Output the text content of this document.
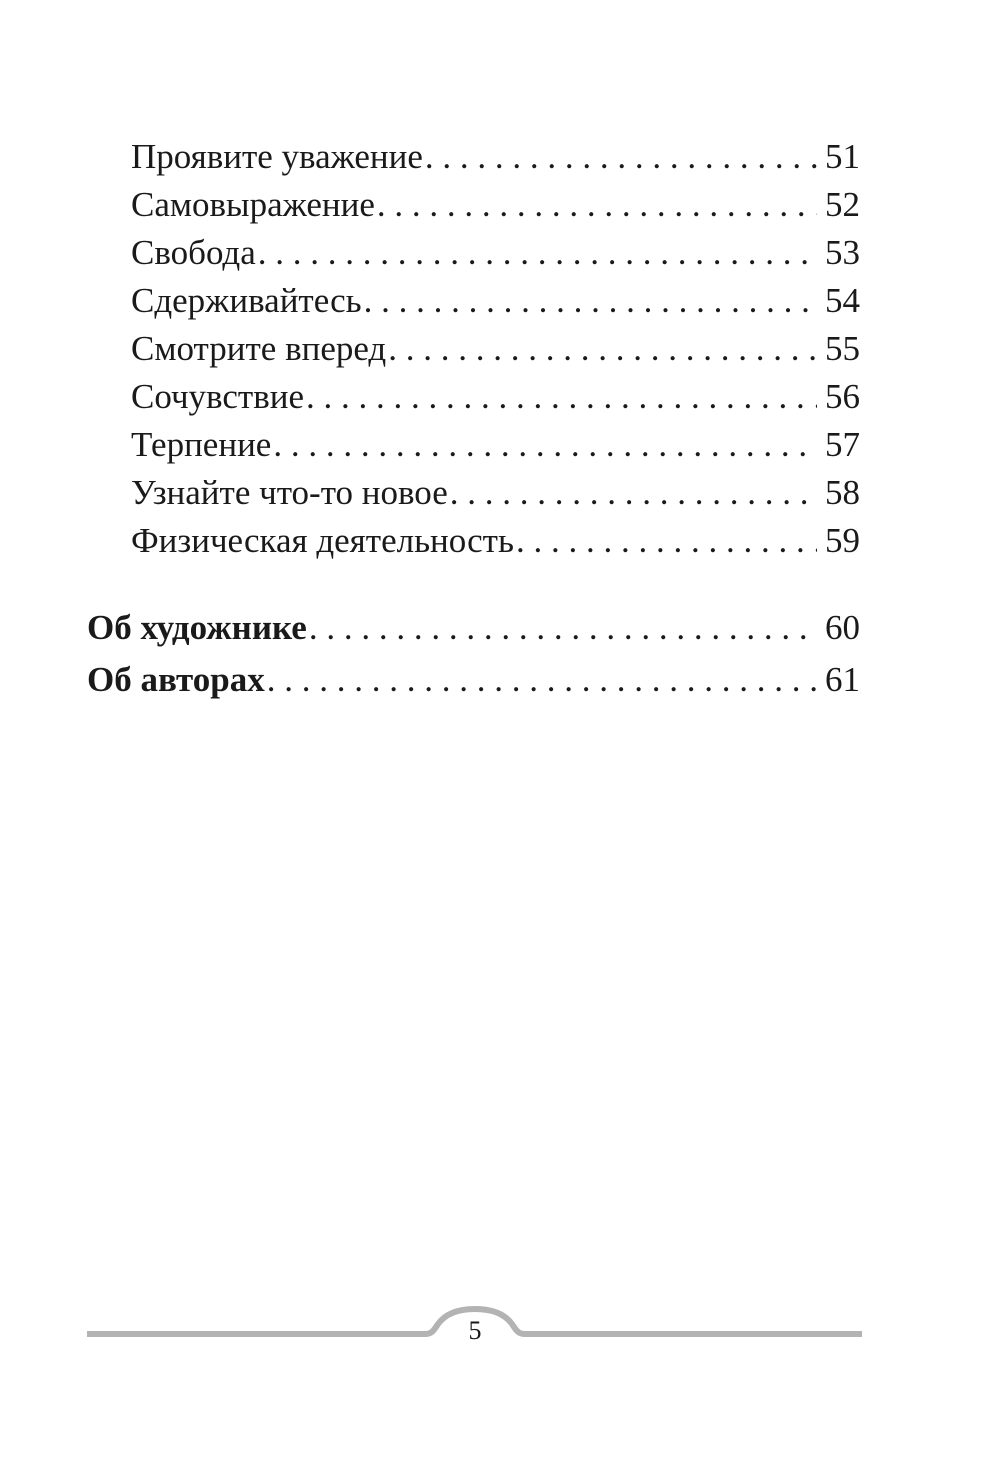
Проявите уважение . . .	51
Самовыражение . . .	52
Свобода . . .	53
Сдерживайтесь . . .	54
Смотрите вперед . . .	55
Сочувствие . . .	56
Терпение . . .	57
Узнайте что-то новое . . .	58
Физическая деятельность . . .	59
Об художнике . . .	60
Об авторах . . .	61
5
